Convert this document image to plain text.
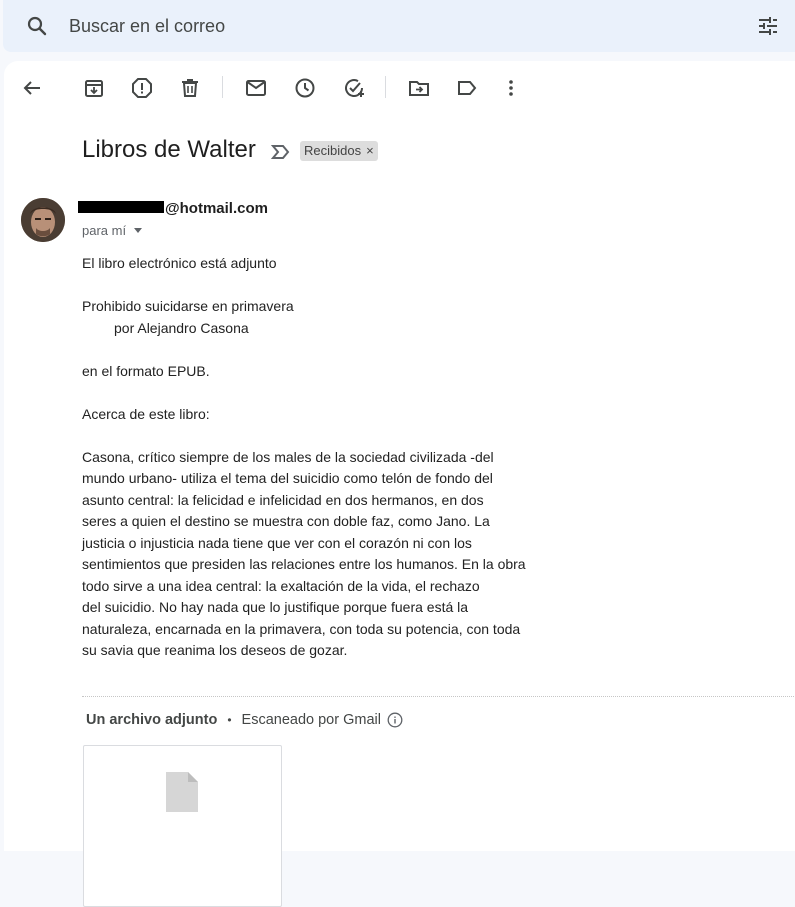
Buscar en el correo
Libros de Walter	Recibidos ×
@hotmail.com
para mí

El libro electrónico está adjunto

Prohibido suicidarse en primavera

por Alejandro Casona

en el formato EPUB.

Acerca de este libro:

Casona, crítico siempre de los males de la sociedad civilizada -del

mundo urbano- utiliza el tema del suicidio como telón de fondo del

asunto central: la felicidad e infelicidad en dos hermanos, en dos

seres a quien el destino se muestra con doble faz, como Jano. La

justicia o injusticia nada tiene que ver con el corazón ni con los

sentimientos que presiden las relaciones entre los humanos. En la obra

todo sirve a una idea central: la exaltación de la vida, el rechazo

del suicidio. No hay nada que lo justifique porque fuera está la

naturaleza, encarnada en la primavera, con toda su potencia, con toda

su savia que reanima los deseos de gozar.

Un archivo adjunto • Escaneado por Gmail
